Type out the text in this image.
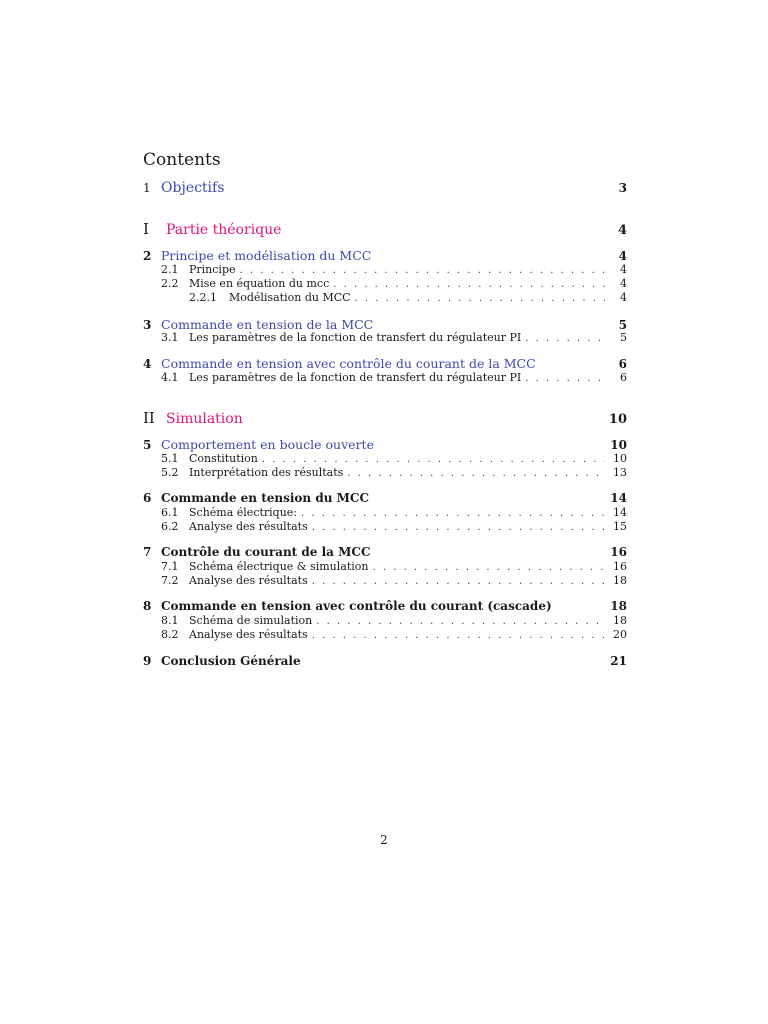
Contents
1 Objectifs	3
I	Partie théorique	4
2 Principe et modélisation du MCC	4
2.1 Principe . . .	4
2.2 Mise en équation du mcc . . .	4
2.2.1	Modélisation du MCC . . .	4
3 Commande en tension de la MCC	5
3.1 Les paramètres de la fonction de transfert du régulateur PI . . .	5
4 Commande en tension avec contrôle du courant de la MCC	6
4.1 Les paramètres de la fonction de transfert du régulateur PI . . .	6
II Simulation	10
5 Comportement en boucle ouverte	10
5.1 Constitution . . .	10
5.2 Interprétation des résultats . . .	13
6 Commande en tension du MCC	14
6.1 Schéma électrique: . . .	14
6.2 Analyse des résultats . . .	15
7 Contrôle du courant de la MCC	16
7.1 Schéma électrique & simulation . . .	16
7.2 Analyse des résultats . . .	18
8 Commande en tension avec contrôle du courant (cascade)	18
8.1 Schéma de simulation . . .	18
8.2 Analyse des résultats . . .	20
9 Conclusion Générale	21
2
